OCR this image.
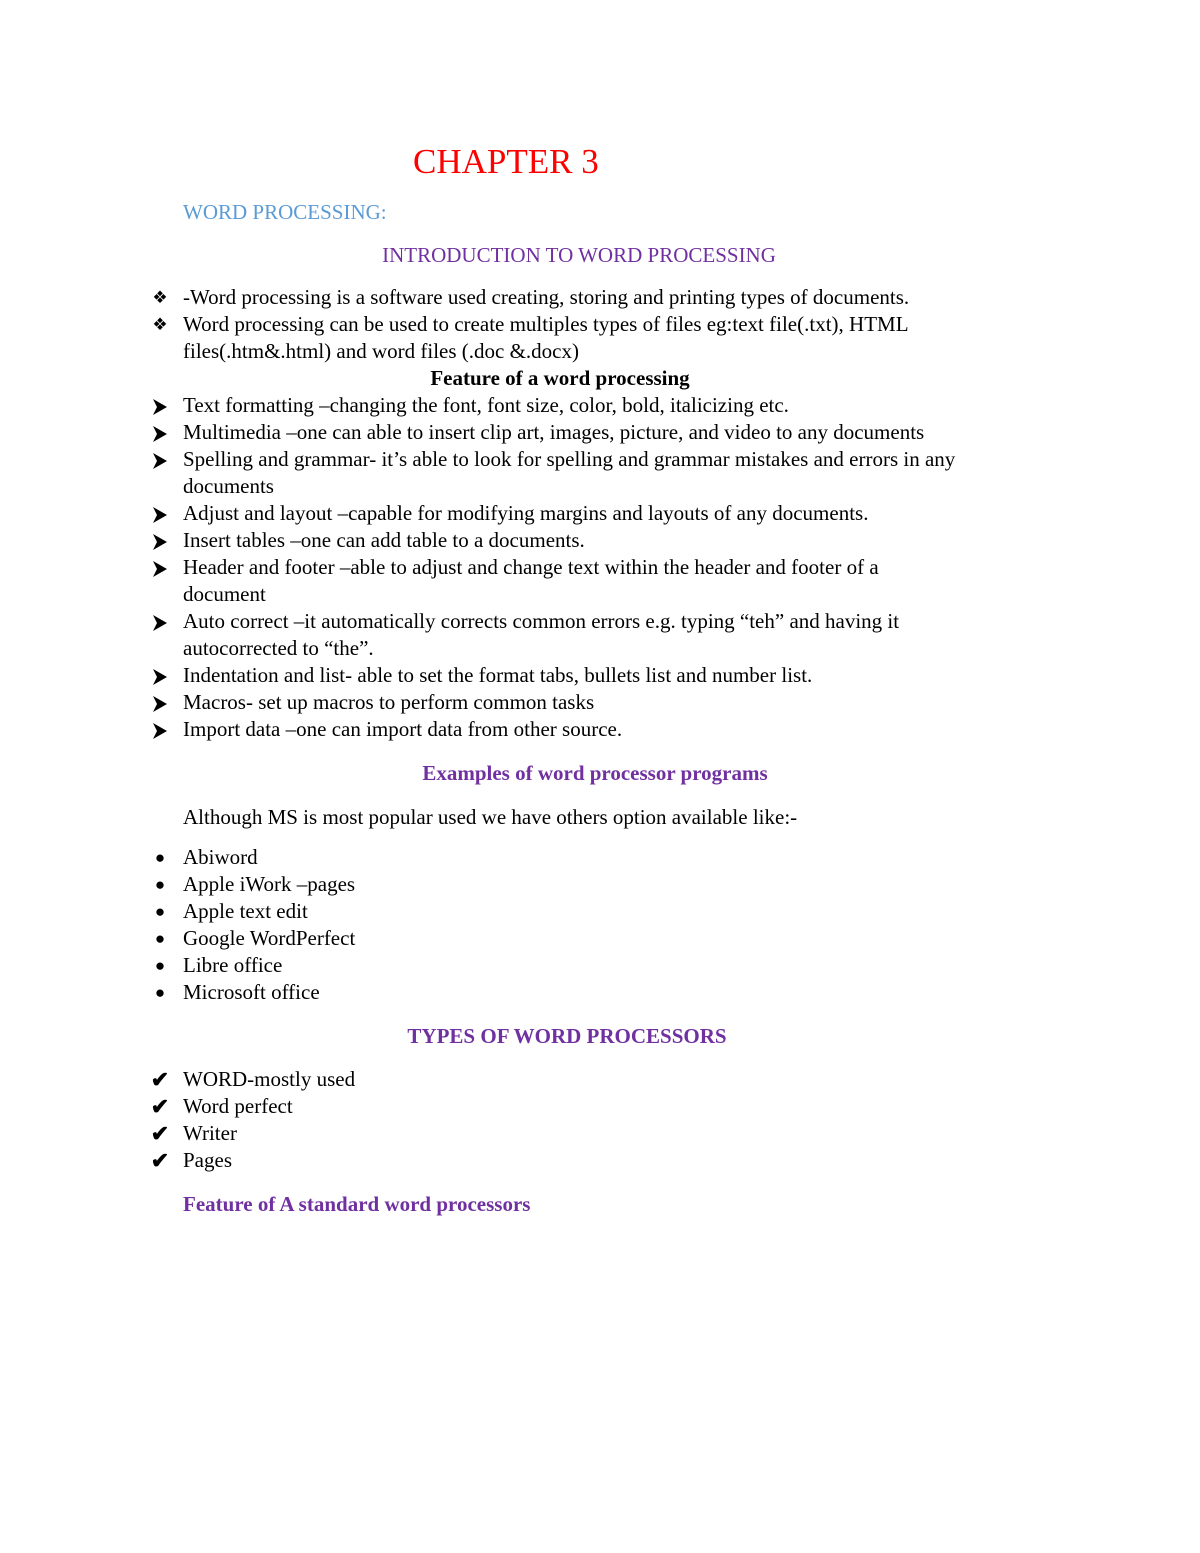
CHAPTER 3
WORD PROCESSING:
INTRODUCTION TO WORD PROCESSING
❖ -Word processing is a software used creating, storing and printing types of documents.
❖ Word processing can be used to create multiples types of files eg:text file(.txt), HTML
files(.htm&.html) and word files (.doc &.docx)
Feature of a word processing
Text formatting –changing the font, font size, color, bold, italicizing etc.
Multimedia –one can able to insert clip art, images, picture, and video to any documents
Spelling and grammar- it’s able to look for spelling and grammar mistakes and errors in any
documents
Adjust and layout –capable for modifying margins and layouts of any documents.
Insert tables –one can add table to a documents.
Header and footer –able to adjust and change text within the header and footer of a
document
Auto correct –it automatically corrects common errors e.g. typing “teh” and having it
autocorrected to “the”.
Indentation and list- able to set the format tabs, bullets list and number list.
Macros- set up macros to perform common tasks
Import data –one can import data from other source.
Examples of word processor programs
Although MS is most popular used we have others option available like:-
● Abiword
● Apple iWork –pages
● Apple text edit
● Google WordPerfect
● Libre office
● Microsoft office
TYPES OF WORD PROCESSORS
✔ WORD-mostly used
✔ Word perfect
✔ Writer
✔ Pages
Feature of A standard word processors
